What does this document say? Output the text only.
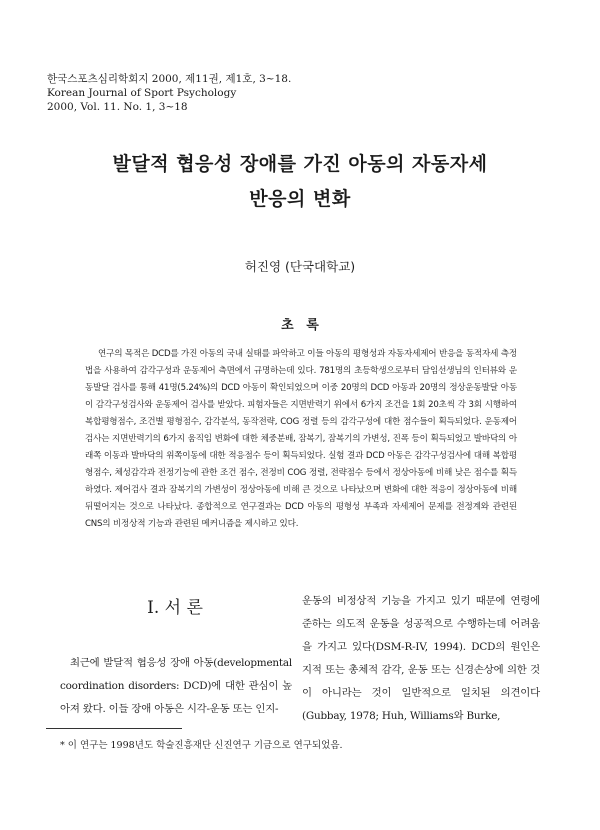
한국스포츠심리학회지 2000, 제11권, 제1호, 3~18.
Korean Journal of Sport Psychology
2000, Vol. 11. No. 1, 3~18
발달적 협응성 장애를 가진 아동의 자동자세
반응의 변화
허진영 (단국대학교)
초 록
연구의 목적은 DCD를 가진 아동의 국내 실태를 파악하고 이들 아동의 평형성과 자동자세제어 반응을 동적자세 측정법을 사용하여 감각구성과 운동제어 측면에서 규명하는데 있다. 781명의 초등학생으로부터 담임선생님의 인터뷰와 운동발달 검사를 통해 41명(5.24%)의 DCD 아동이 확인되었으며 이중 20명의 DCD 아동과 20명의 정상운동발달 아동이 감각구성검사와 운동제어 검사를 받았다. 피험자들은 지면반력기 위에서 6가지 조건을 1회 20초씩 각 3회 시행하여 복합평형점수, 조건별 평형점수, 감각분석, 동작전략, COG 정렬 등의 감각구성에 대한 점수들이 획득되었다. 운동제어 검사는 지면반력기의 6가지 움직임 변화에 대한 체중분배, 잠복기, 잠복기의 가변성, 진폭 등이 획득되었고 발바닥의 아래쪽 이동과 발바닥의 위쪽이동에 대한 적응점수 등이 획득되었다. 실험 결과 DCD 아동은 감각구성검사에 대해 복합평형점수, 체성감각과 전정기능에 관한 조건 점수, 전정비 COG 정렬, 전략점수 등에서 정상아동에 비해 낮은 점수를 획득하였다. 제어검사 결과 잠복기의 가변성이 정상아동에 비해 큰 것으로 나타났으며 변화에 대한 적응이 정상아동에 비해 뒤떨어지는 것으로 나타났다. 종합적으로 연구결과는 DCD 아동의 평형성 부족과 자세제어 문제를 전정계와 관련된 CNS의 비정상적 기능과 관련된 메커니즘을 제시하고 있다.
I. 서 론
최근에 발달적 협응성 장애 아동(developmental coordination disorders: DCD)에 대한 관심이 높아져 왔다. 이들 장애 아동은 시각-운동 또는 인지-
운동의 비정상적 기능을 가지고 있기 때문에 연령에 준하는 의도적 운동을 성공적으로 수행하는데 어려움을 가지고 있다(DSM-R-IV, 1994). DCD의 원인은 지적 또는 총체적 감각, 운동 또는 신경손상에 의한 것이 아니라는 것이 일반적으로 일치된 의견이다(Gubbay, 1978; Huh, Williams와 Burke,
* 이 연구는 1998년도 학술진흥재단 신진연구 기금으로 연구되었음.
